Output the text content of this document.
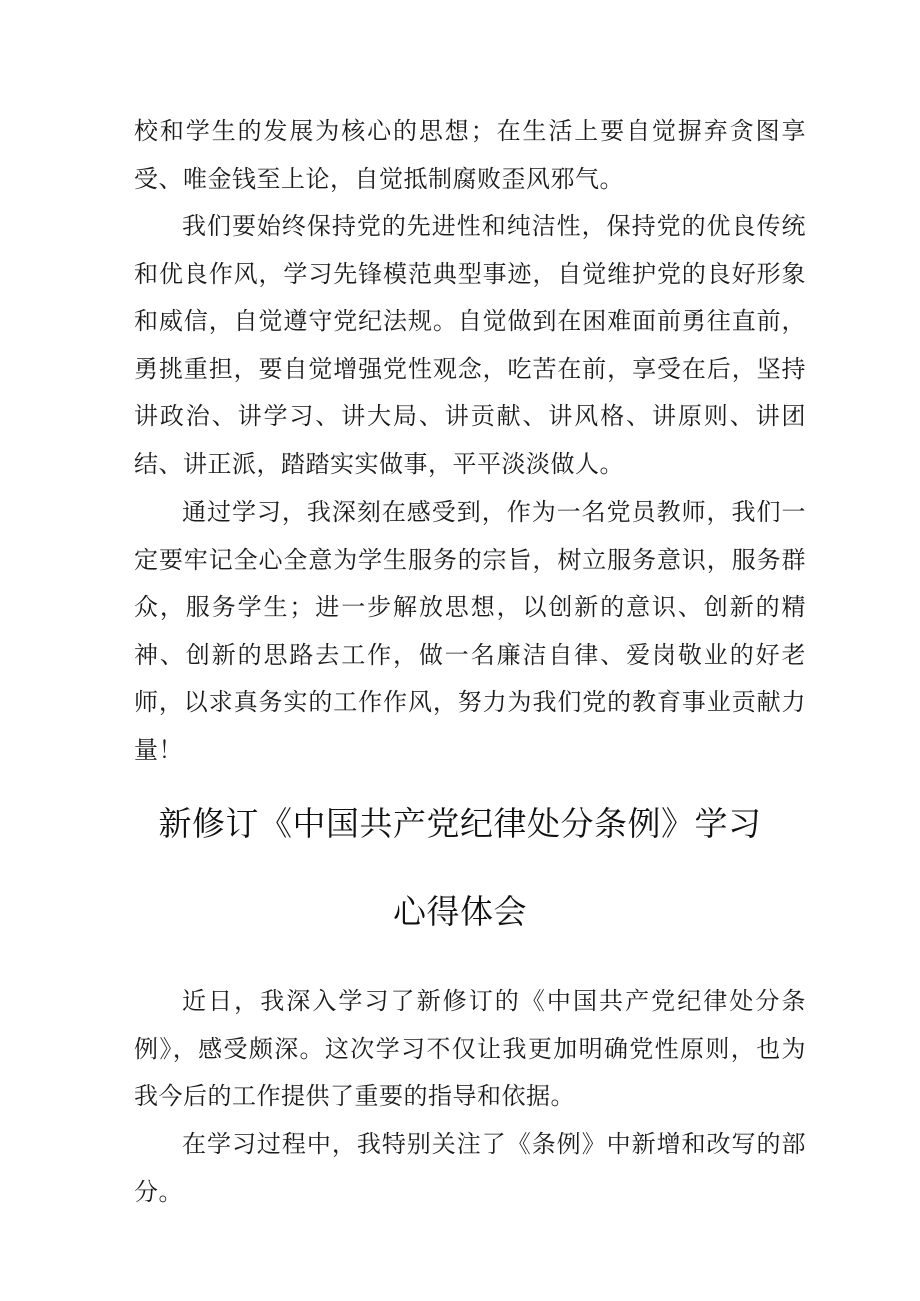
校和学生的发展为核心的思想；在生活上要自觉摒弃贪图享受、唯金钱至上论，自觉抵制腐败歪风邪气。

我们要始终保持党的先进性和纯洁性，保持党的优良传统和优良作风，学习先锋模范典型事迹，自觉维护党的良好形象和威信，自觉遵守党纪法规。自觉做到在困难面前勇往直前，勇挑重担，要自觉增强党性观念，吃苦在前，享受在后，坚持讲政治、讲学习、讲大局、讲贡献、讲风格、讲原则、讲团结、讲正派，踏踏实实做事，平平淡淡做人。

通过学习，我深刻在感受到，作为一名党员教师，我们一定要牢记全心全意为学生服务的宗旨，树立服务意识，服务群众，服务学生；进一步解放思想，以创新的意识、创新的精神、创新的思路去工作，做一名廉洁自律、爱岗敬业的好老师，以求真务实的工作作风，努力为我们党的教育事业贡献力量！

新修订《中国共产党纪律处分条例》学习
心得体会

近日，我深入学习了新修订的《中国共产党纪律处分条例》，感受颇深。这次学习不仅让我更加明确党性原则，也为我今后的工作提供了重要的指导和依据。

在学习过程中，我特别关注了《条例》中新增和改写的部分。
